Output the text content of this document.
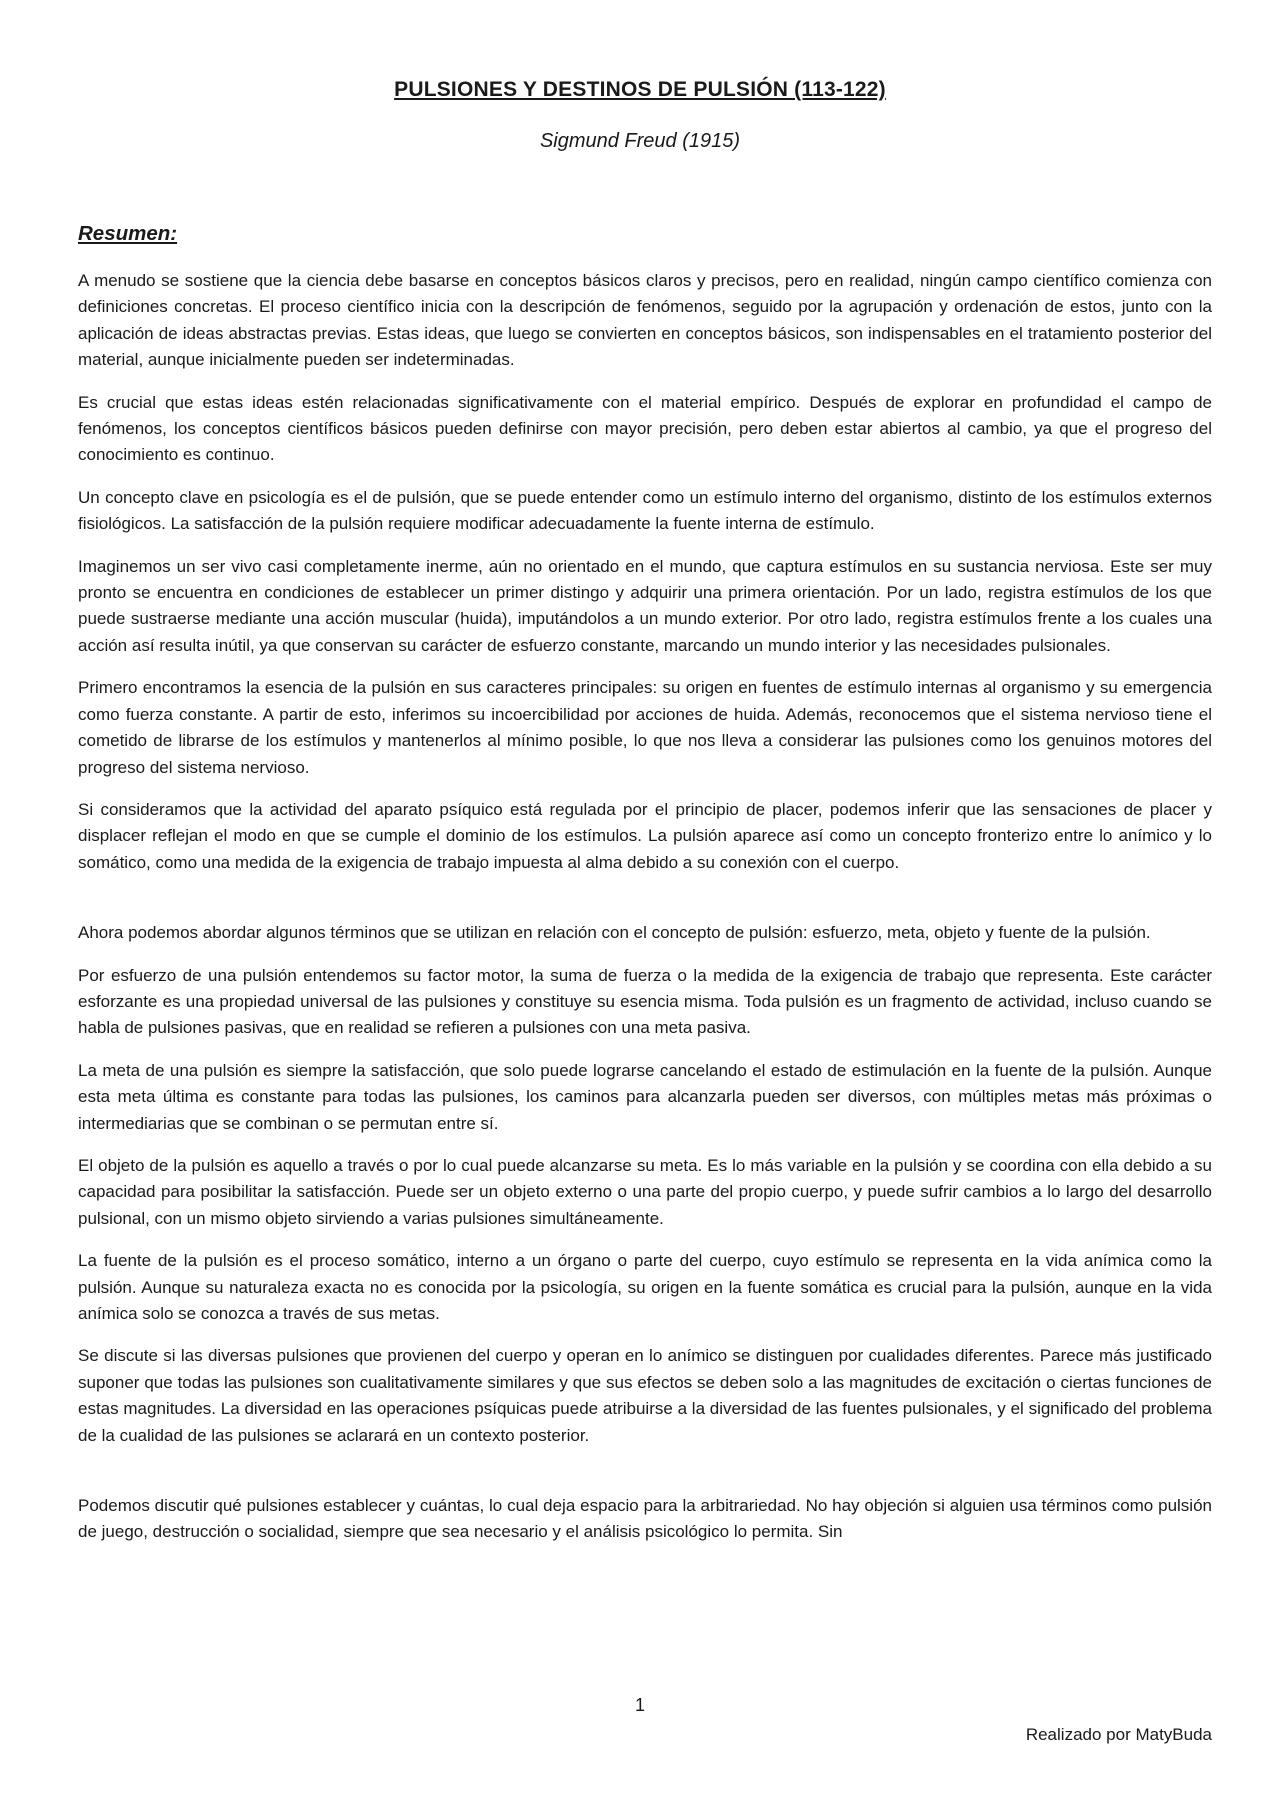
PULSIONES Y DESTINOS DE PULSIÓN (113-122)
Sigmund Freud (1915)
Resumen:

A menudo se sostiene que la ciencia debe basarse en conceptos básicos claros y precisos, pero en realidad, ningún campo científico comienza con definiciones concretas. El proceso científico inicia con la descripción de fenómenos, seguido por la agrupación y ordenación de estos, junto con la aplicación de ideas abstractas previas. Estas ideas, que luego se convierten en conceptos básicos, son indispensables en el tratamiento posterior del material, aunque inicialmente pueden ser indeterminadas.

Es crucial que estas ideas estén relacionadas significativamente con el material empírico. Después de explorar en profundidad el campo de fenómenos, los conceptos científicos básicos pueden definirse con mayor precisión, pero deben estar abiertos al cambio, ya que el progreso del conocimiento es continuo.

Un concepto clave en psicología es el de pulsión, que se puede entender como un estímulo interno del organismo, distinto de los estímulos externos fisiológicos. La satisfacción de la pulsión requiere modificar adecuadamente la fuente interna de estímulo.

Imaginemos un ser vivo casi completamente inerme, aún no orientado en el mundo, que captura estímulos en su sustancia nerviosa. Este ser muy pronto se encuentra en condiciones de establecer un primer distingo y adquirir una primera orientación. Por un lado, registra estímulos de los que puede sustraerse mediante una acción muscular (huida), imputándolos a un mundo exterior. Por otro lado, registra estímulos frente a los cuales una acción así resulta inútil, ya que conservan su carácter de esfuerzo constante, marcando un mundo interior y las necesidades pulsionales.

Primero encontramos la esencia de la pulsión en sus caracteres principales: su origen en fuentes de estímulo internas al organismo y su emergencia como fuerza constante. A partir de esto, inferimos su incoercibilidad por acciones de huida. Además, reconocemos que el sistema nervioso tiene el cometido de librarse de los estímulos y mantenerlos al mínimo posible, lo que nos lleva a considerar las pulsiones como los genuinos motores del progreso del sistema nervioso.

Si consideramos que la actividad del aparato psíquico está regulada por el principio de placer, podemos inferir que las sensaciones de placer y displacer reflejan el modo en que se cumple el dominio de los estímulos. La pulsión aparece así como un concepto fronterizo entre lo anímico y lo somático, como una medida de la exigencia de trabajo impuesta al alma debido a su conexión con el cuerpo.

Ahora podemos abordar algunos términos que se utilizan en relación con el concepto de pulsión: esfuerzo, meta, objeto y fuente de la pulsión.

Por esfuerzo de una pulsión entendemos su factor motor, la suma de fuerza o la medida de la exigencia de trabajo que representa. Este carácter esforzante es una propiedad universal de las pulsiones y constituye su esencia misma. Toda pulsión es un fragmento de actividad, incluso cuando se habla de pulsiones pasivas, que en realidad se refieren a pulsiones con una meta pasiva.

La meta de una pulsión es siempre la satisfacción, que solo puede lograrse cancelando el estado de estimulación en la fuente de la pulsión. Aunque esta meta última es constante para todas las pulsiones, los caminos para alcanzarla pueden ser diversos, con múltiples metas más próximas o intermediarias que se combinan o se permutan entre sí.

El objeto de la pulsión es aquello a través o por lo cual puede alcanzarse su meta. Es lo más variable en la pulsión y se coordina con ella debido a su capacidad para posibilitar la satisfacción. Puede ser un objeto externo o una parte del propio cuerpo, y puede sufrir cambios a lo largo del desarrollo pulsional, con un mismo objeto sirviendo a varias pulsiones simultáneamente.

La fuente de la pulsión es el proceso somático, interno a un órgano o parte del cuerpo, cuyo estímulo se representa en la vida anímica como la pulsión. Aunque su naturaleza exacta no es conocida por la psicología, su origen en la fuente somática es crucial para la pulsión, aunque en la vida anímica solo se conozca a través de sus metas.

Se discute si las diversas pulsiones que provienen del cuerpo y operan en lo anímico se distinguen por cualidades diferentes. Parece más justificado suponer que todas las pulsiones son cualitativamente similares y que sus efectos se deben solo a las magnitudes de excitación o ciertas funciones de estas magnitudes. La diversidad en las operaciones psíquicas puede atribuirse a la diversidad de las fuentes pulsionales, y el significado del problema de la cualidad de las pulsiones se aclarará en un contexto posterior.

Podemos discutir qué pulsiones establecer y cuántas, lo cual deja espacio para la arbitrariedad. No hay objeción si alguien usa términos como pulsión de juego, destrucción o socialidad, siempre que sea necesario y el análisis psicológico lo permita. Sin

1
Realizado por MatyBuda
